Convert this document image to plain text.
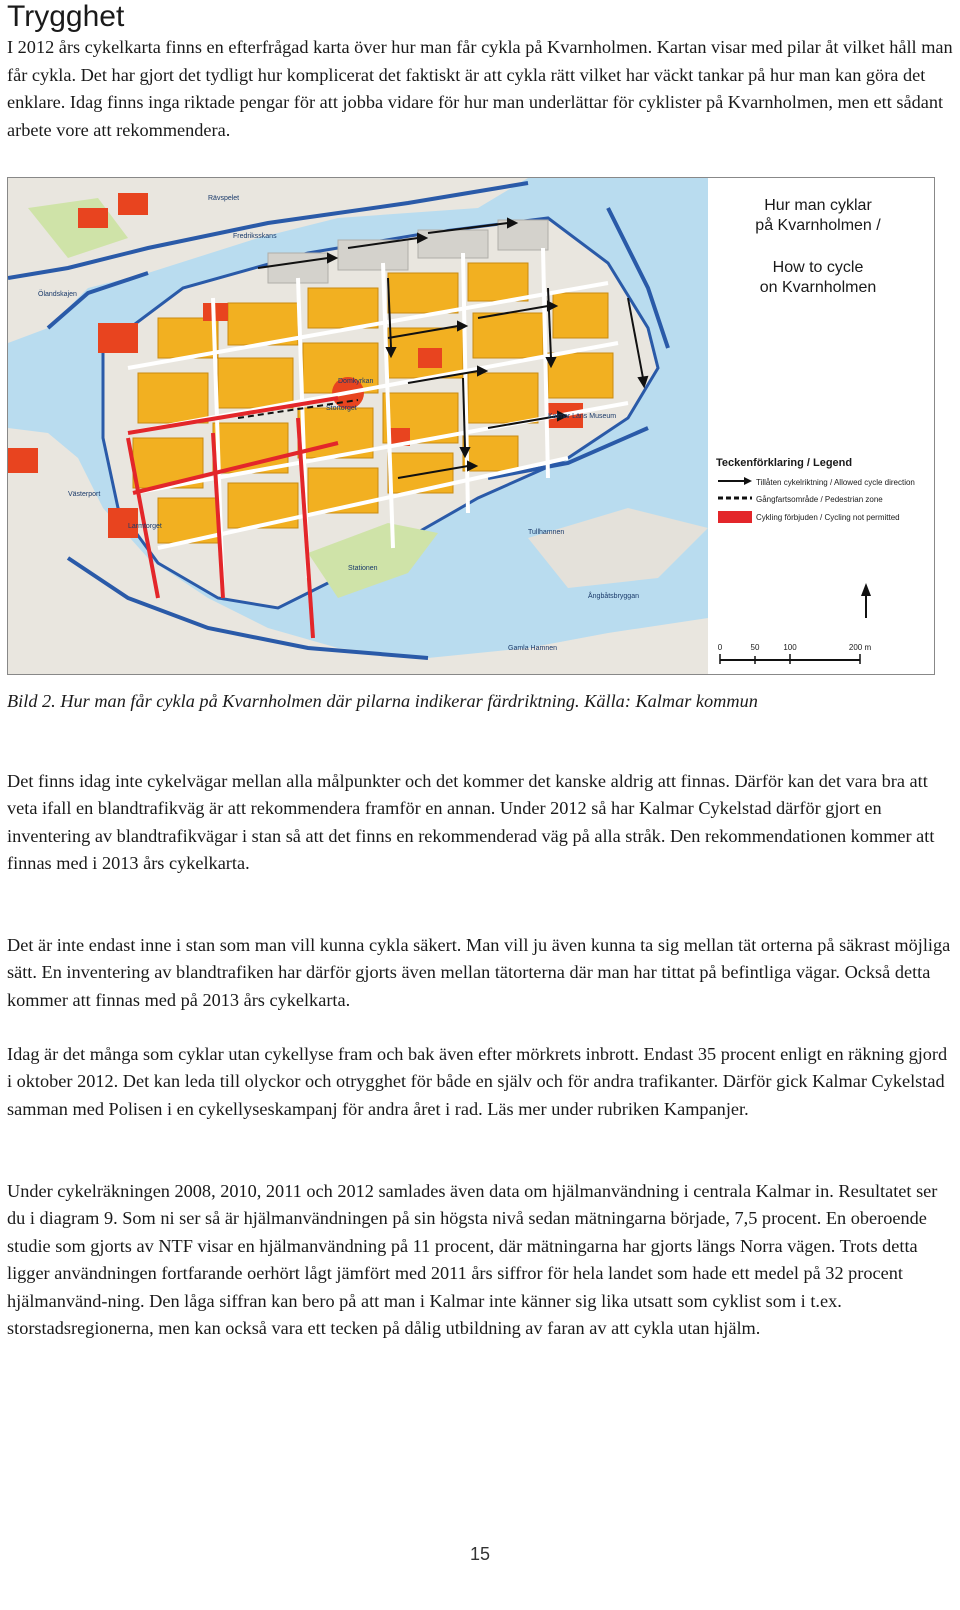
Trygghet

I 2012 års cykelkarta finns en efterfrågad karta över hur man får cykla på Kvarnholmen. Kartan visar med pilar åt vilket håll man får cykla. Det har gjort det tydligt hur komplicerat det faktiskt är att cykla rätt vilket har väckt tankar på hur man kan göra det enklare. Idag finns inga riktade pengar för att jobba vidare för hur man underlättar för cyklister på Kvarnholmen, men ett sådant arbete vore att rekommendera.

Hur man cyklar
på Kvarnholmen /
How to cycle
on Kvarnholmen
Teckenförklaring / Legend
Tillåten cykelriktning / Allowed cycle direction
Gångfartsområde / Pedestrian zone
Cykling förbjuden / Cycling not permitted
0	50	100	200 m
Rävspelet
Ölandskajen
Västerport
Larmtorget
Stortorget
Domkyrkan
Tullhamnen
Ångbåtsbryggan
Kalmar Läns Museum
Fredriksskans
Stationen
Gamla Hamnen

Bild 2. Hur man får cykla på Kvarnholmen där pilarna indikerar färdriktning. Källa: Kalmar kommun

Det finns idag inte cykelvägar mellan alla målpunkter och det kommer det kanske aldrig att finnas. Därför kan det vara bra att veta ifall en blandtrafikväg är att rekommendera framför en annan. Under 2012 så har Kalmar Cykelstad därför gjort en inventering av blandtrafikvägar i stan så att det finns en rekommenderad väg på alla stråk. Den rekommendationen kommer att finnas med i 2013 års cykelkarta.

Det är inte endast inne i stan som man vill kunna cykla säkert. Man vill ju även kunna ta sig mellan tät orterna på säkrast möjliga sätt. En inventering av blandtrafiken har därför gjorts även mellan tätorterna där man har tittat på befintliga vägar. Också detta kommer att finnas med på 2013 års cykelkarta.

Idag är det många som cyklar utan cykellyse fram och bak även efter mörkrets inbrott. Endast 35 procent enligt en räkning gjord i oktober 2012. Det kan leda till olyckor och otrygghet för både en själv och för andra trafikanter. Därför gick Kalmar Cykelstad samman med Polisen i en cykellyseskampanj för andra året i rad. Läs mer under rubriken Kampanjer.

Under cykelräkningen 2008, 2010, 2011 och 2012 samlades även data om hjälmanvändning i centrala Kalmar in. Resultatet ser du i diagram 9. Som ni ser så är hjälmanvändningen på sin högsta nivå sedan mätningarna började, 7,5 procent. En oberoende studie som gjorts av NTF visar en hjälmanvändning på 11 procent, där mätningarna har gjorts längs Norra vägen. Trots detta ligger användningen fortfarande oerhört lågt jämfört med 2011 års siffror för hela landet som hade ett medel på 32 procent hjälmanvänd-ning. Den låga siffran kan bero på att man i Kalmar inte känner sig lika utsatt som cyklist som i t.ex. storstadsregionerna, men kan också vara ett tecken på dålig utbildning av faran av att cykla utan hjälm.

15
